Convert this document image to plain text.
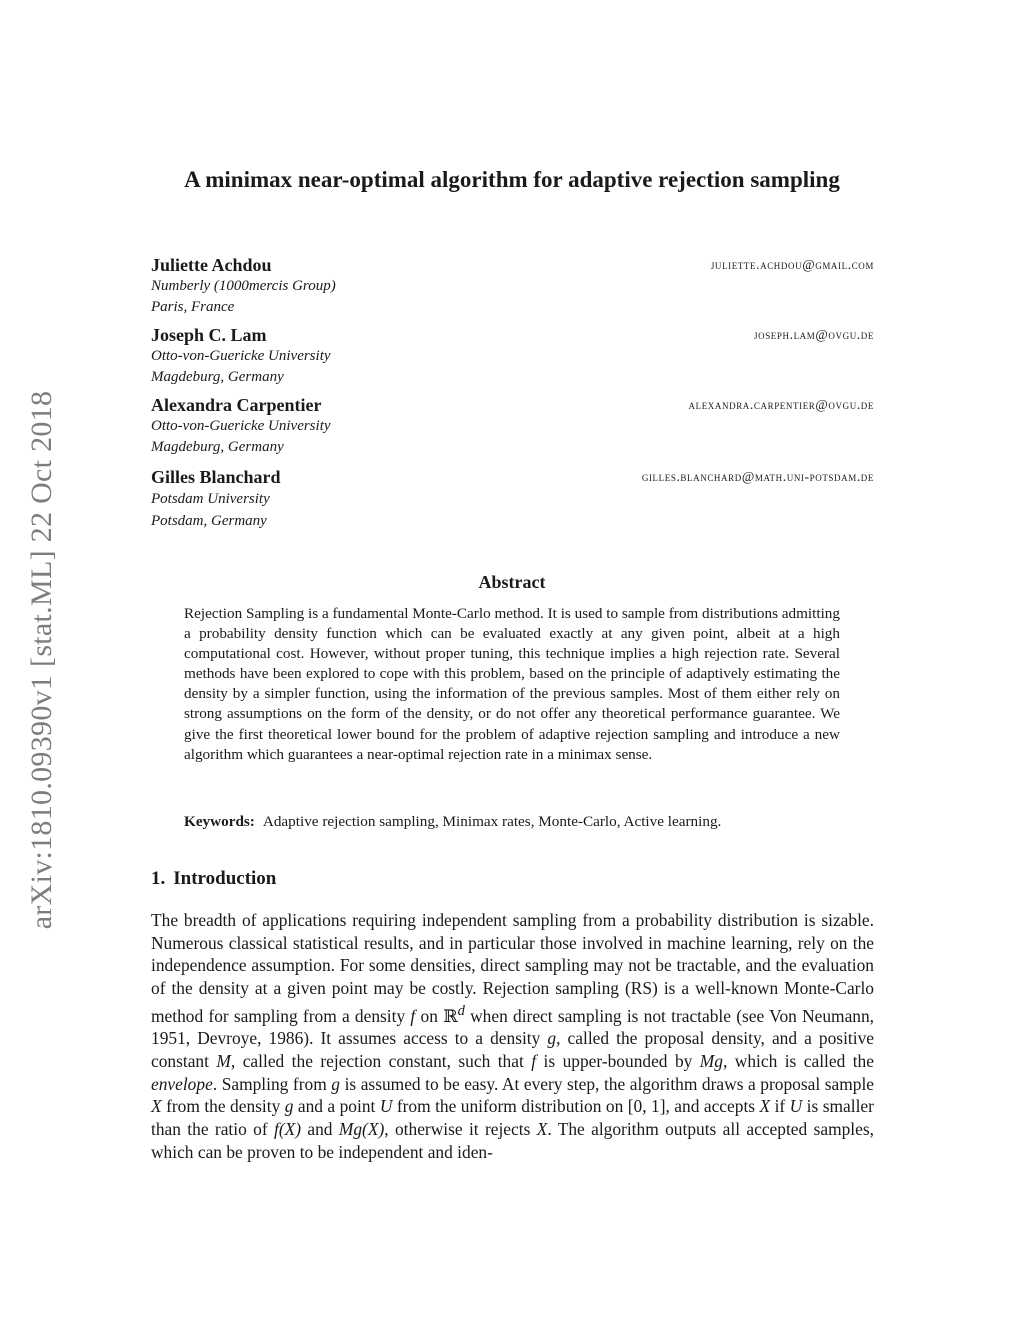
arXiv:1810.09390v1 [stat.ML] 22 Oct 2018
A minimax near-optimal algorithm for adaptive rejection sampling
Juliette Achdou	juliette.achdou@gmail.com
Numberly (1000mercis Group)
Paris, France
Joseph C. Lam	joseph.lam@ovgu.de
Otto-von-Guericke University
Magdeburg, Germany
Alexandra Carpentier	alexandra.carpentier@ovgu.de
Otto-von-Guericke University
Magdeburg, Germany
Gilles Blanchard	gilles.blanchard@math.uni-potsdam.de
Potsdam University
Potsdam, Germany
Abstract
Rejection Sampling is a fundamental Monte-Carlo method. It is used to sample from distributions admitting a probability density function which can be evaluated exactly at any given point, albeit at a high computational cost. However, without proper tuning, this technique implies a high rejection rate. Several methods have been explored to cope with this problem, based on the principle of adaptively estimating the density by a simpler function, using the information of the previous samples. Most of them either rely on strong assumptions on the form of the density, or do not offer any theoretical performance guarantee. We give the first theoretical lower bound for the problem of adaptive rejection sampling and introduce a new algorithm which guarantees a near-optimal rejection rate in a minimax sense.
Keywords: Adaptive rejection sampling, Minimax rates, Monte-Carlo, Active learning.
1. Introduction
The breadth of applications requiring independent sampling from a probability distribution is sizable. Numerous classical statistical results, and in particular those involved in machine learning, rely on the independence assumption. For some densities, direct sampling may not be tractable, and the evaluation of the density at a given point may be costly. Rejection sampling (RS) is a well-known Monte-Carlo method for sampling from a density f on ℝ$^d$ when direct sampling is not tractable (see Von Neumann, 1951, Devroye, 1986). It assumes access to a density g, called the proposal density, and a positive constant M, called the rejection constant, such that f is upper-bounded by Mg, which is called the envelope. Sampling from g is assumed to be easy. At every step, the algorithm draws a proposal sample X from the density g and a point U from the uniform distribution on [0, 1], and accepts X if U is smaller than the ratio of f(X) and Mg(X), otherwise it rejects X. The algorithm outputs all accepted samples, which can be proven to be independent and iden-
